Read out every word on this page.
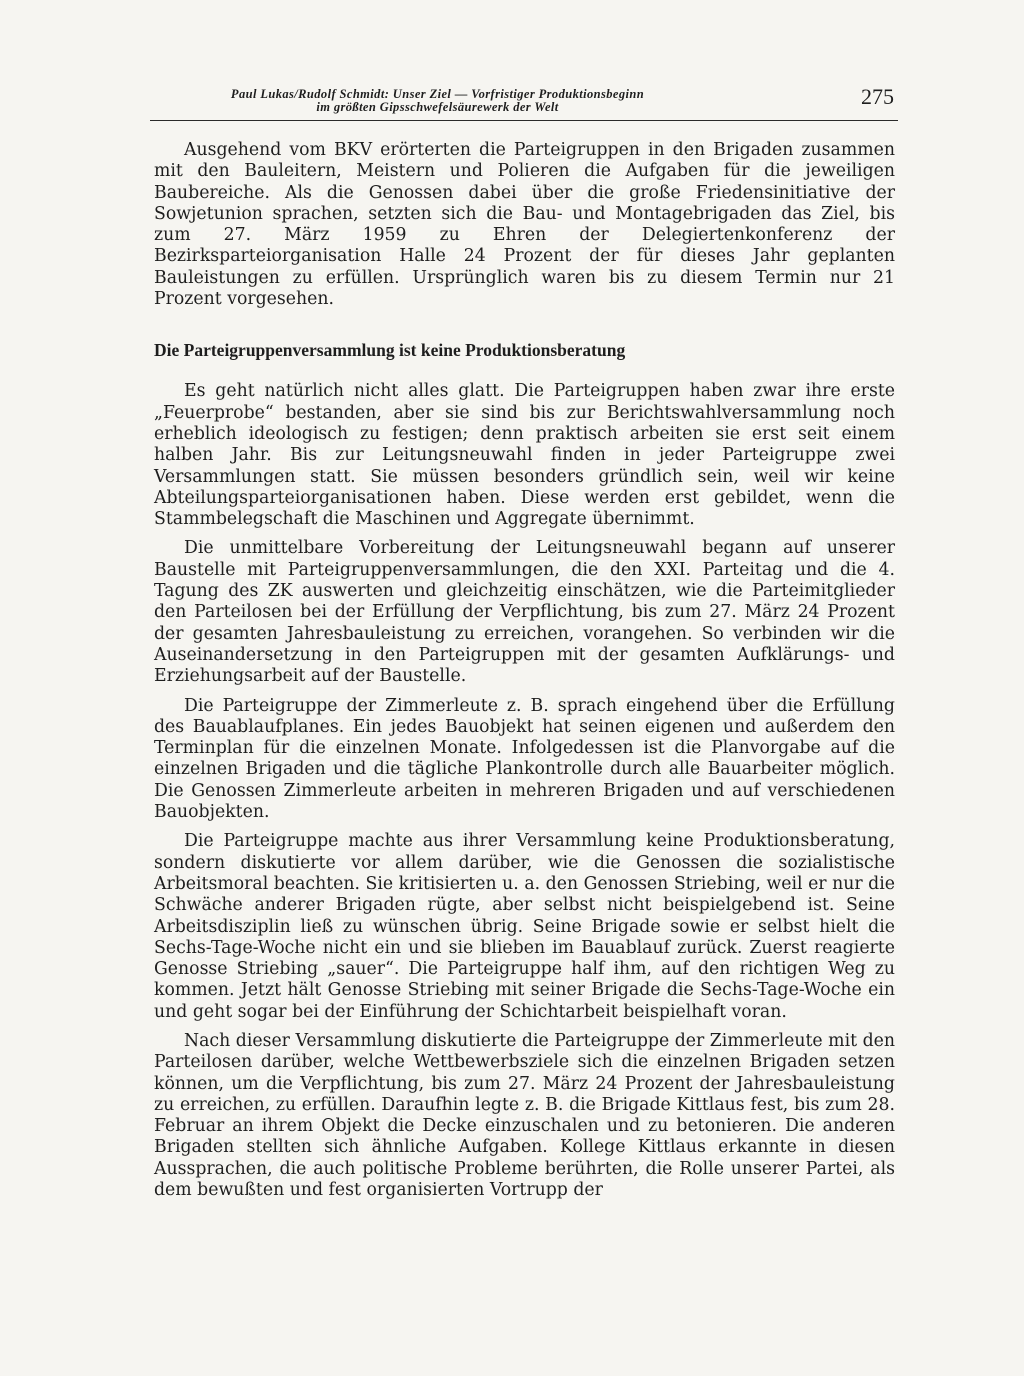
Paul Lukas/Rudolf Schmidt: Unser Ziel — Vorfristiger Produktionsbeginn
im größten Gipsschwefelsäurewerk der Welt	275

Ausgehend vom BKV erörterten die Parteigruppen in den Brigaden zusammen mit den Bauleitern, Meistern und Polieren die Aufgaben für die jeweiligen Baubereiche. Als die Genossen dabei über die große Friedensinitiative der Sowjetunion sprachen, setzten sich die Bau- und Montagebrigaden das Ziel, bis zum 27. März 1959 zu Ehren der Delegiertenkonferenz der Bezirksparteiorganisation Halle 24 Prozent der für dieses Jahr geplanten Bauleistungen zu erfüllen. Ursprünglich waren bis zu diesem Termin nur 21 Prozent vorgesehen.

Die Parteigruppenversammlung ist keine Produktionsberatung

Es geht natürlich nicht alles glatt. Die Parteigruppen haben zwar ihre erste „Feuerprobe“ bestanden, aber sie sind bis zur Berichtswahlversammlung noch erheblich ideologisch zu festigen; denn praktisch arbeiten sie erst seit einem halben Jahr. Bis zur Leitungsneuwahl finden in jeder Parteigruppe zwei Versammlungen statt. Sie müssen besonders gründlich sein, weil wir keine Abteilungsparteiorganisationen haben. Diese werden erst gebildet, wenn die Stammbelegschaft die Maschinen und Aggregate übernimmt.

Die unmittelbare Vorbereitung der Leitungsneuwahl begann auf unserer Baustelle mit Parteigruppenversammlungen, die den XXI. Parteitag und die 4. Tagung des ZK auswerten und gleichzeitig einschätzen, wie die Parteimitglieder den Parteilosen bei der Erfüllung der Verpflichtung, bis zum 27. März 24 Prozent der gesamten Jahresbauleistung zu erreichen, vorangehen. So verbinden wir die Auseinandersetzung in den Parteigruppen mit der gesamten Aufklärungs- und Erziehungsarbeit auf der Baustelle.

Die Parteigruppe der Zimmerleute z. B. sprach eingehend über die Erfüllung des Bauablaufplanes. Ein jedes Bauobjekt hat seinen eigenen und außerdem den Terminplan für die einzelnen Monate. Infolgedessen ist die Planvorgabe auf die einzelnen Brigaden und die tägliche Plankontrolle durch alle Bauarbeiter möglich. Die Genossen Zimmerleute arbeiten in mehreren Brigaden und auf verschiedenen Bauobjekten.

Die Parteigruppe machte aus ihrer Versammlung keine Produktionsberatung, sondern diskutierte vor allem darüber, wie die Genossen die sozialistische Arbeitsmoral beachten. Sie kritisierten u. a. den Genossen Striebing, weil er nur die Schwäche anderer Brigaden rügte, aber selbst nicht beispielgebend ist. Seine Arbeitsdisziplin ließ zu wünschen übrig. Seine Brigade sowie er selbst hielt die Sechs-Tage-Woche nicht ein und sie blieben im Bauablauf zurück. Zuerst reagierte Genosse Striebing „sauer“. Die Parteigruppe half ihm, auf den richtigen Weg zu kommen. Jetzt hält Genosse Striebing mit seiner Brigade die Sechs-Tage-Woche ein und geht sogar bei der Einführung der Schichtarbeit beispielhaft voran.

Nach dieser Versammlung diskutierte die Parteigruppe der Zimmerleute mit den Parteilosen darüber, welche Wettbewerbsziele sich die einzelnen Brigaden setzen können, um die Verpflichtung, bis zum 27. März 24 Prozent der Jahresbauleistung zu erreichen, zu erfüllen. Daraufhin legte z. B. die Brigade Kittlaus fest, bis zum 28. Februar an ihrem Objekt die Decke einzuschalen und zu betonieren. Die anderen Brigaden stellten sich ähnliche Aufgaben. Kollege Kittlaus erkannte in diesen Aussprachen, die auch politische Probleme berührten, die Rolle unserer Partei, als dem bewußten und fest organisierten Vortrupp der
